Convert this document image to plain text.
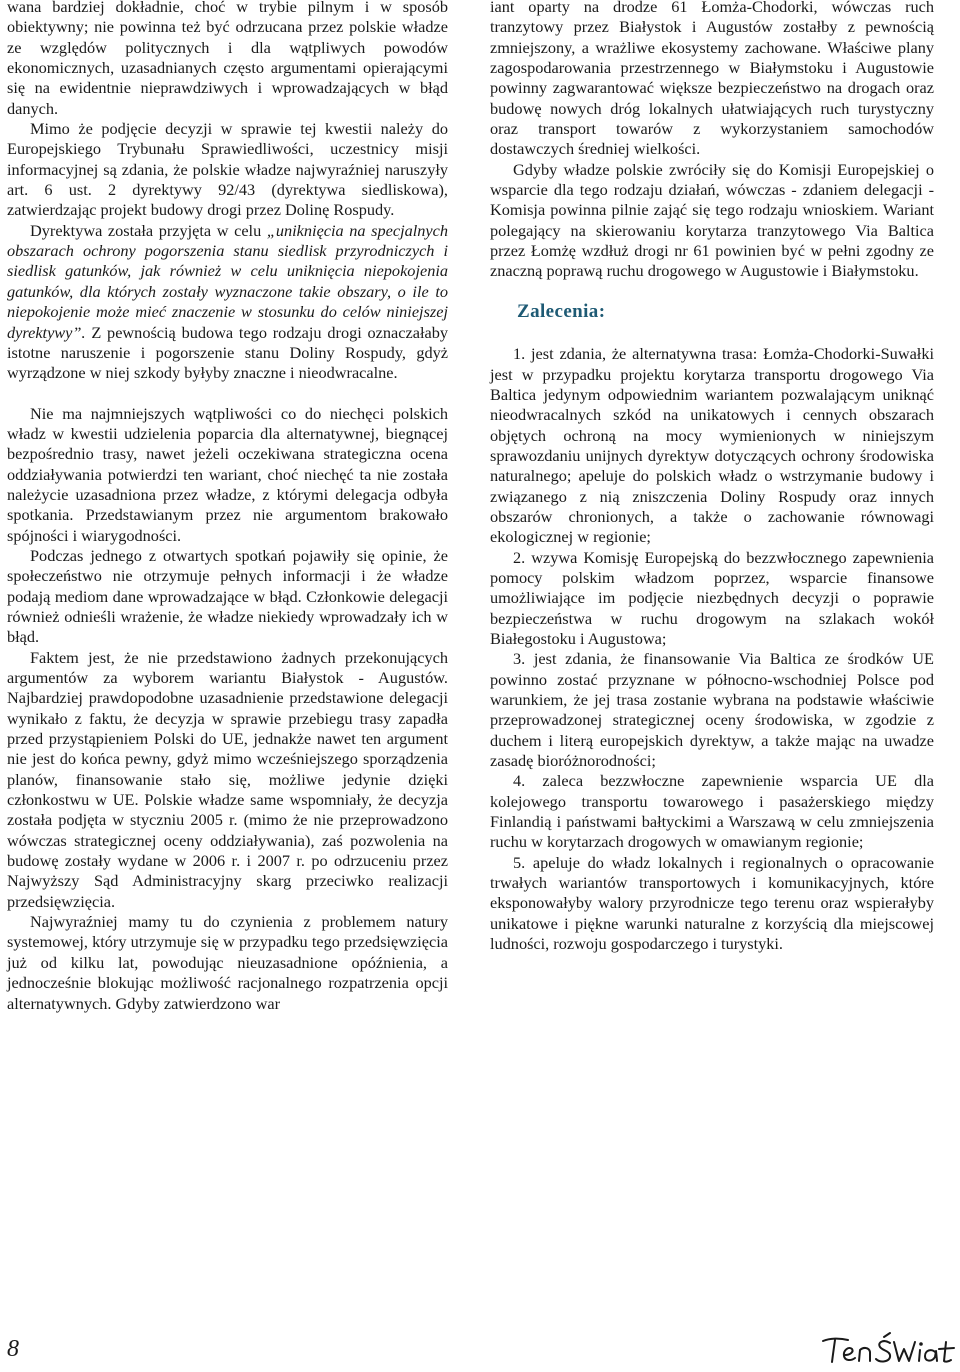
wana bardziej dokładnie, choć w trybie pilnym i w sposób obiektywny; nie powinna też być odrzucana przez polskie władze ze względów politycznych i dla wątpliwych powodów ekonomicznych, uzasadnianych często argumentami opierającymi się na ewidentnie nieprawdziwych i wprowadzających w błąd danych.

Mimo że podjęcie decyzji w sprawie tej kwestii należy do Europejskiego Trybunału Sprawiedliwości, uczestnicy misji informacyjnej są zdania, że polskie władze najwyraźniej naruszyły art. 6 ust. 2 dyrektywy 92/43 (dyrektywa siedliskowa), zatwierdzając projekt budowy drogi przez Dolinę Rospudy.

Dyrektywa została przyjęta w celu „uniknięcia na specjalnych obszarach ochrony pogorszenia stanu siedlisk przyrodniczych i siedlisk gatunków, jak również w celu uniknięcia niepokojenia gatunków, dla których zostały wyznaczone takie obszary, o ile to niepokojenie może mieć znaczenie w stosunku do celów niniejszej dyrektywy”. Z pewnością budowa tego rodzaju drogi oznaczałaby istotne naruszenie i pogorszenie stanu Doliny Rospudy, gdyż wyrządzone w niej szkody byłyby znaczne i nieodwracalne.

Nie ma najmniejszych wątpliwości co do niechęci polskich władz w kwestii udzielenia poparcia dla alternatywnej, biegnącej bezpośrednio trasy, nawet jeżeli oczekiwana strategiczna ocena oddziaływania potwierdzi ten wariant, choć niechęć ta nie została należycie uzasadniona przez władze, z którymi delegacja odbyła spotkania. Przedstawianym przez nie argumentom brakowało spójności i wiarygodności.

Podczas jednego z otwartych spotkań pojawiły się opinie, że społeczeństwo nie otrzymuje pełnych informacji i że władze podają mediom dane wprowadzające w błąd. Członkowie delegacji również odnieśli wrażenie, że władze niekiedy wprowadzały ich w błąd.

Faktem jest, że nie przedstawiono żadnych przekonujących argumentów za wyborem wariantu Białystok - Augustów. Najbardziej prawdopodobne uzasadnienie przedstawione delegacji wynikało z faktu, że decyzja w sprawie przebiegu trasy zapadła przed przystąpieniem Polski do UE, jednakże nawet ten argument nie jest do końca pewny, gdyż mimo wcześniejszego sporządzenia planów, finansowanie stało się, możliwe jedynie dzięki członkostwu w UE. Polskie władze same wspomniały, że decyzja została podjęta w styczniu 2005 r. (mimo że nie przeprowadzono wówczas strategicznej oceny oddziaływania), zaś pozwolenia na budowę zostały wydane w 2006 r. i 2007 r. po odrzuceniu przez Najwyższy Sąd Administracyjny skarg przeciwko realizacji przedsięwzięcia.

Najwyraźniej mamy tu do czynienia z problemem natury systemowej, który utrzymuje się w przypadku tego przedsięwzięcia już od kilku lat, powodując nieuzasadnione opóźnienia, a jednocześnie blokując możliwość racjonalnego rozpatrzenia opcji alternatywnych. Gdyby zatwierdzono war

iant oparty na drodze 61 Łomża-Chodorki, wówczas ruch tranzytowy przez Białystok i Augustów zostałby z pewnością zmniejszony, a wrażliwe ekosystemy zachowane. Właściwe plany zagospodarowania przestrzennego w Białymstoku i Augustowie powinny zagwarantować większe bezpieczeństwo na drogach oraz budowę nowych dróg lokalnych ułatwiających ruch turystyczny oraz transport towarów z wykorzystaniem samochodów dostawczych średniej wielkości.

Gdyby władze polskie zwróciły się do Komisji Europejskiej o wsparcie dla tego rodzaju działań, wówczas - zdaniem delegacji - Komisja powinna pilnie zająć się tego rodzaju wnioskiem. Wariant polegający na skierowaniu korytarza tranzytowego Via Baltica przez Łomżę wzdłuż drogi nr 61 powinien być w pełni zgodny ze znaczną poprawą ruchu drogowego w Augustowie i Białymstoku.

Zalecenia:

1. jest zdania, że alternatywna trasa: Łomża-Chodorki-Suwałki jest w przypadku projektu korytarza transportu drogowego Via Baltica jedynym odpowiednim wariantem pozwalającym uniknąć nieodwracalnych szkód na unikatowych i cennych obszarach objętych ochroną na mocy wymienionych w niniejszym sprawozdaniu unijnych dyrektyw dotyczących ochrony środowiska naturalnego; apeluje do polskich władz o wstrzymanie budowy i związanego z nią zniszczenia Doliny Rospudy oraz innych obszarów chronionych, a także o zachowanie równowagi ekologicznej w regionie;

2. wzywa Komisję Europejską do bezzwłocznego zapewnienia pomocy polskim władzom poprzez, wsparcie finansowe umożliwiające im podjęcie niezbędnych decyzji o poprawie bezpieczeństwa w ruchu drogowym na szlakach wokół Białegostoku i Augustowa;

3. jest zdania, że finansowanie Via Baltica ze środków UE powinno zostać przyznane w północno-wschodniej Polsce pod warunkiem, że jej trasa zostanie wybrana na podstawie właściwie przeprowadzonej strategicznej oceny środowiska, w zgodzie z duchem i literą europejskich dyrektyw, a także mając na uwadze zasadę bioróżnorodności;

4. zaleca bezzwłoczne zapewnienie wsparcia UE dla kolejowego transportu towarowego i pasażerskiego między Finlandią i państwami bałtyckimi a Warszawą w celu zmniejszenia ruchu w korytarzach drogowych w omawianym regionie;

5. apeluje do władz lokalnych i regionalnych o opracowanie trwałych wariantów transportowych i komunikacyjnych, które eksponowałyby walory przyrodnicze tego terenu oraz wspierałyby unikatowe i piękne warunki naturalne z korzyścią dla miejscowej ludności, rozwoju gospodarczego i turystyki.

8
